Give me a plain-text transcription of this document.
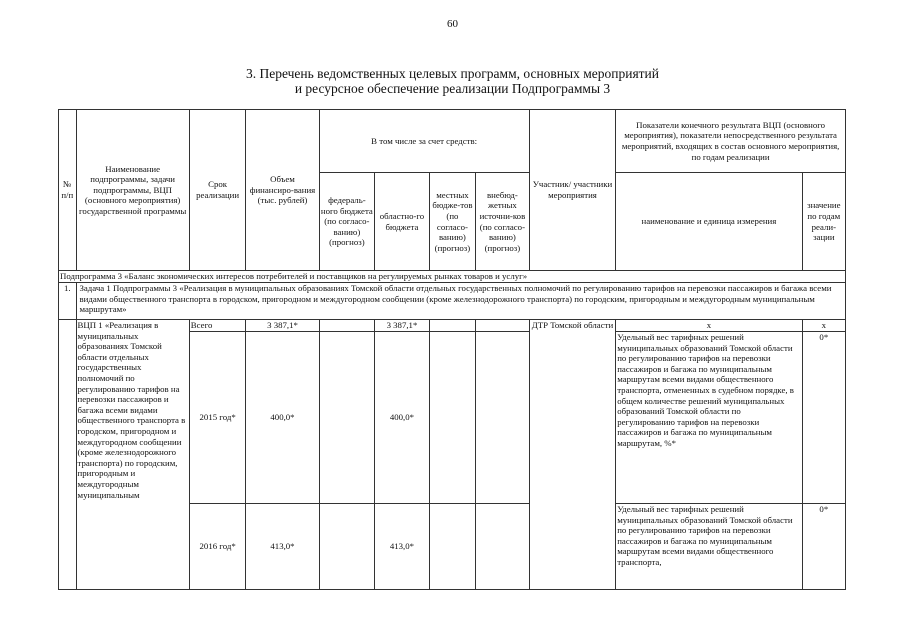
60
3. Перечень ведомственных целевых программ, основных мероприятий
и ресурсное обеспечение реализации Подпрограммы 3
№ п/п	Наименование подпрограммы, задачи подпрограммы, ВЦП (основного мероприятия) государственной программы	Срок реализации	Объем финансиро-вания (тыс. рублей)	В том числе за счет средств:				Участник/ участники мероприятия	Показатели конечного результата ВЦП (основного мероприятия), показатели непосредственного результата мероприятий, входящих в состав основного мероприятия, по годам реализации	
				федераль-ного бюджета (по согласо-ванию) (прогноз)	областно-го бюджета	местных бюдже-тов (по согласо-ванию) (прогноз)	внебюд-жетных источни-ков (по согласо-ванию) (прогноз)		наименование и единица измерения	значение по годам реали-зации
Подпрограмма 3 «Баланс экономических интересов потребителей и поставщиков на регулируемых рынках товаров и услуг»										
1.	Задача 1 Подпрограммы 3 «Реализация в муниципальных образованиях Томской области отдельных государственных полномочий по регулированию тарифов на перевозки пассажиров и багажа всеми видами общественного транспорта в городском, пригородном и междугородном сообщении (кроме железнодорожного транспорта) по городским, пригородным и междугородным муниципальным маршрутам»									
	ВЦП 1 «Реализация в муниципальных образованиях Томской области отдельных государственных полномочий по регулированию тарифов на перевозки пассажиров и багажа всеми видами общественного транспорта в городском, пригородном и междугородном сообщении (кроме железнодорожного транспорта) по городским, пригородным и междугородным муниципальным	Всего	3 387,1*		3 387,1*			ДТР Томской области	х	х
		2015 год*	400,0*		400,0*				Удельный вес тарифных решений муниципальных образований Томской области по регулированию тарифов на перевозки пассажиров и багажа по муниципальным маршрутам всеми видами общественного транспорта, отмененных в судебном порядке, в общем количестве решений муниципальных образований Томской области по регулированию тарифов на перевозки пассажиров и багажа по муниципальным маршрутам, %*	0*
		2016 год*	413,0*		413,0*				Удельный вес тарифных решений муниципальных образований Томской области по регулированию тарифов на перевозки пассажиров и багажа по муниципальным маршрутам всеми видами общественного транспорта,	0*
